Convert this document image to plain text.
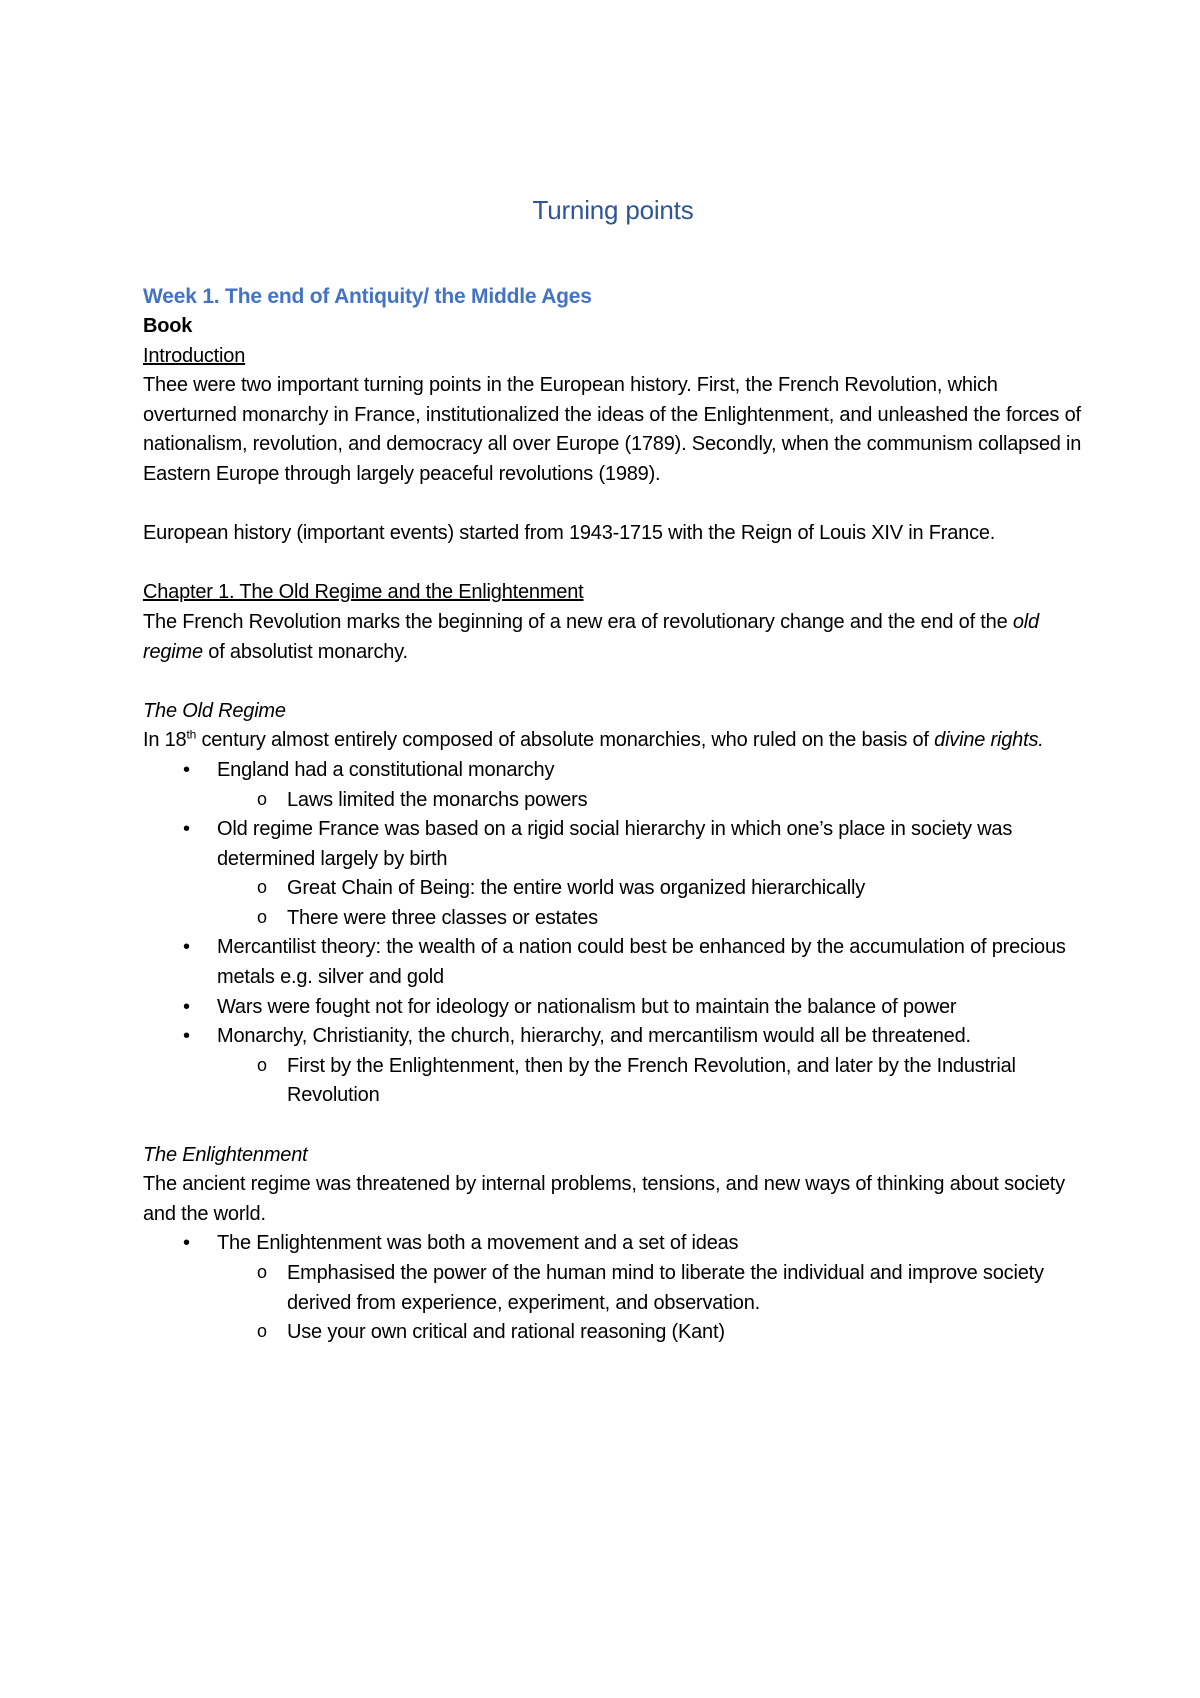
Turning points
Week 1. The end of Antiquity/ the Middle Ages

Book

Introduction

Thee were two important turning points in the European history. First, the French Revolution, which overturned monarchy in France, institutionalized the ideas of the Enlightenment, and unleashed the forces of nationalism, revolution, and democracy all over Europe (1789). Secondly, when the communism collapsed in Eastern Europe through largely peaceful revolutions (1989).

European history (important events) started from 1943-1715 with the Reign of Louis XIV in France.

Chapter 1. The Old Regime and the Enlightenment

The French Revolution marks the beginning of a new era of revolutionary change and the end of the old regime of absolutist monarchy.

The Old Regime

In 18th century almost entirely composed of absolute monarchies, who ruled on the basis of divine rights.

• England had a constitutional monarchy
o Laws limited the monarchs powers
• Old regime France was based on a rigid social hierarchy in which one’s place in society was determined largely by birth
o Great Chain of Being: the entire world was organized hierarchically
o There were three classes or estates
• Mercantilist theory: the wealth of a nation could best be enhanced by the accumulation of precious metals e.g. silver and gold
• Wars were fought not for ideology or nationalism but to maintain the balance of power
• Monarchy, Christianity, the church, hierarchy, and mercantilism would all be threatened.
o First by the Enlightenment, then by the French Revolution, and later by the Industrial Revolution

The Enlightenment

The ancient regime was threatened by internal problems, tensions, and new ways of thinking about society and the world.

• The Enlightenment was both a movement and a set of ideas
o Emphasised the power of the human mind to liberate the individual and improve society derived from experience, experiment, and observation.
o Use your own critical and rational reasoning (Kant)
